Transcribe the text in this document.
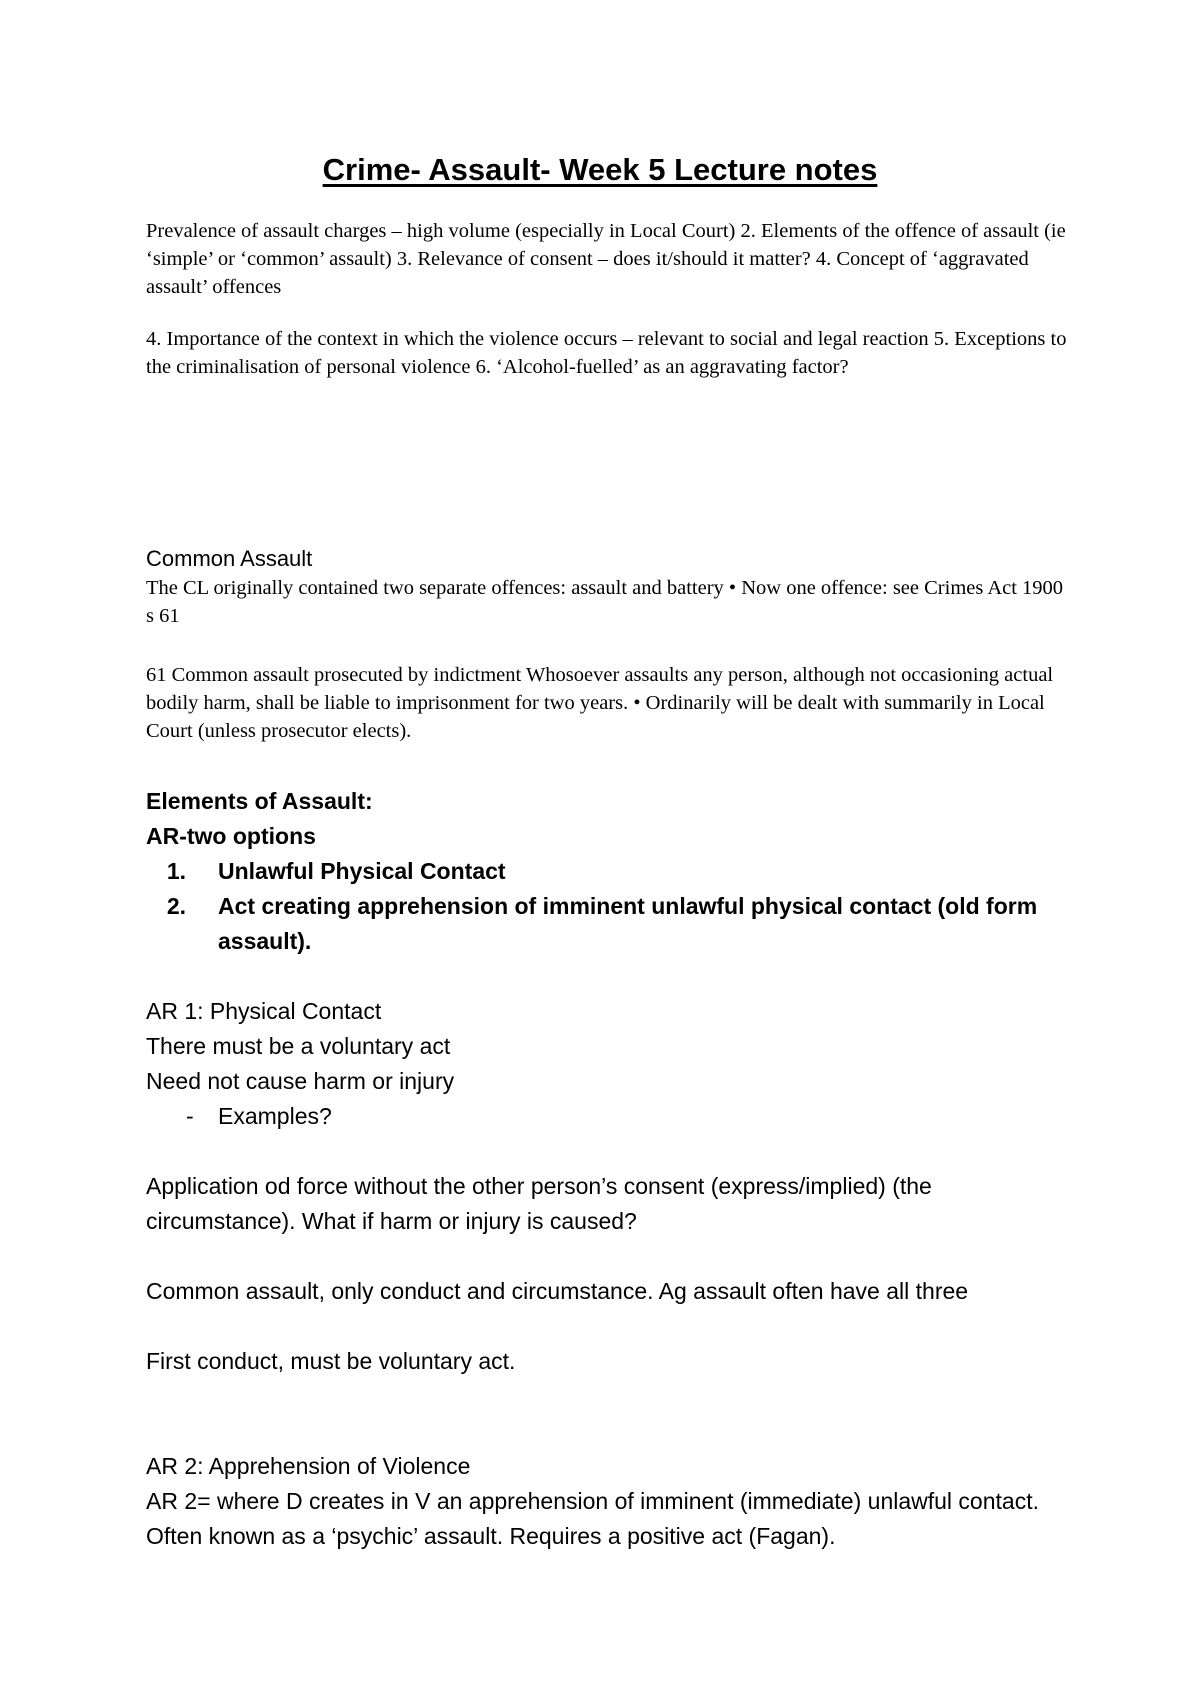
Crime- Assault- Week 5 Lecture notes
Prevalence of assault charges – high volume (especially in Local Court) 2. Elements of the offence of assault (ie ‘simple’ or ‘common’ assault) 3. Relevance of consent – does it/should it matter? 4. Concept of ‘aggravated assault’ offences
4. Importance of the context in which the violence occurs – relevant to social and legal reaction 5. Exceptions to the criminalisation of personal violence 6. ‘Alcohol-fuelled’ as an aggravating factor?
Common Assault
The CL originally contained two separate offences: assault and battery • Now one offence: see Crimes Act 1900 s 61
61 Common assault prosecuted by indictment Whosoever assaults any person, although not occasioning actual bodily harm, shall be liable to imprisonment for two years. • Ordinarily will be dealt with summarily in Local Court (unless prosecutor elects).
Elements of Assault:
AR-two options
1. Unlawful Physical Contact
2. Act creating apprehension of imminent unlawful physical contact (old form assault).
AR 1: Physical Contact
There must be a voluntary act
Need not cause harm or injury
-	Examples?
Application od force without the other person’s consent (express/implied) (the circumstance). What if harm or injury is caused?
Common assault, only conduct and circumstance. Ag assault often have all three
First conduct, must be voluntary act.
AR 2: Apprehension of Violence
AR 2= where D creates in V an apprehension of imminent (immediate) unlawful contact. Often known as a ‘psychic’ assault. Requires a positive act (Fagan).
